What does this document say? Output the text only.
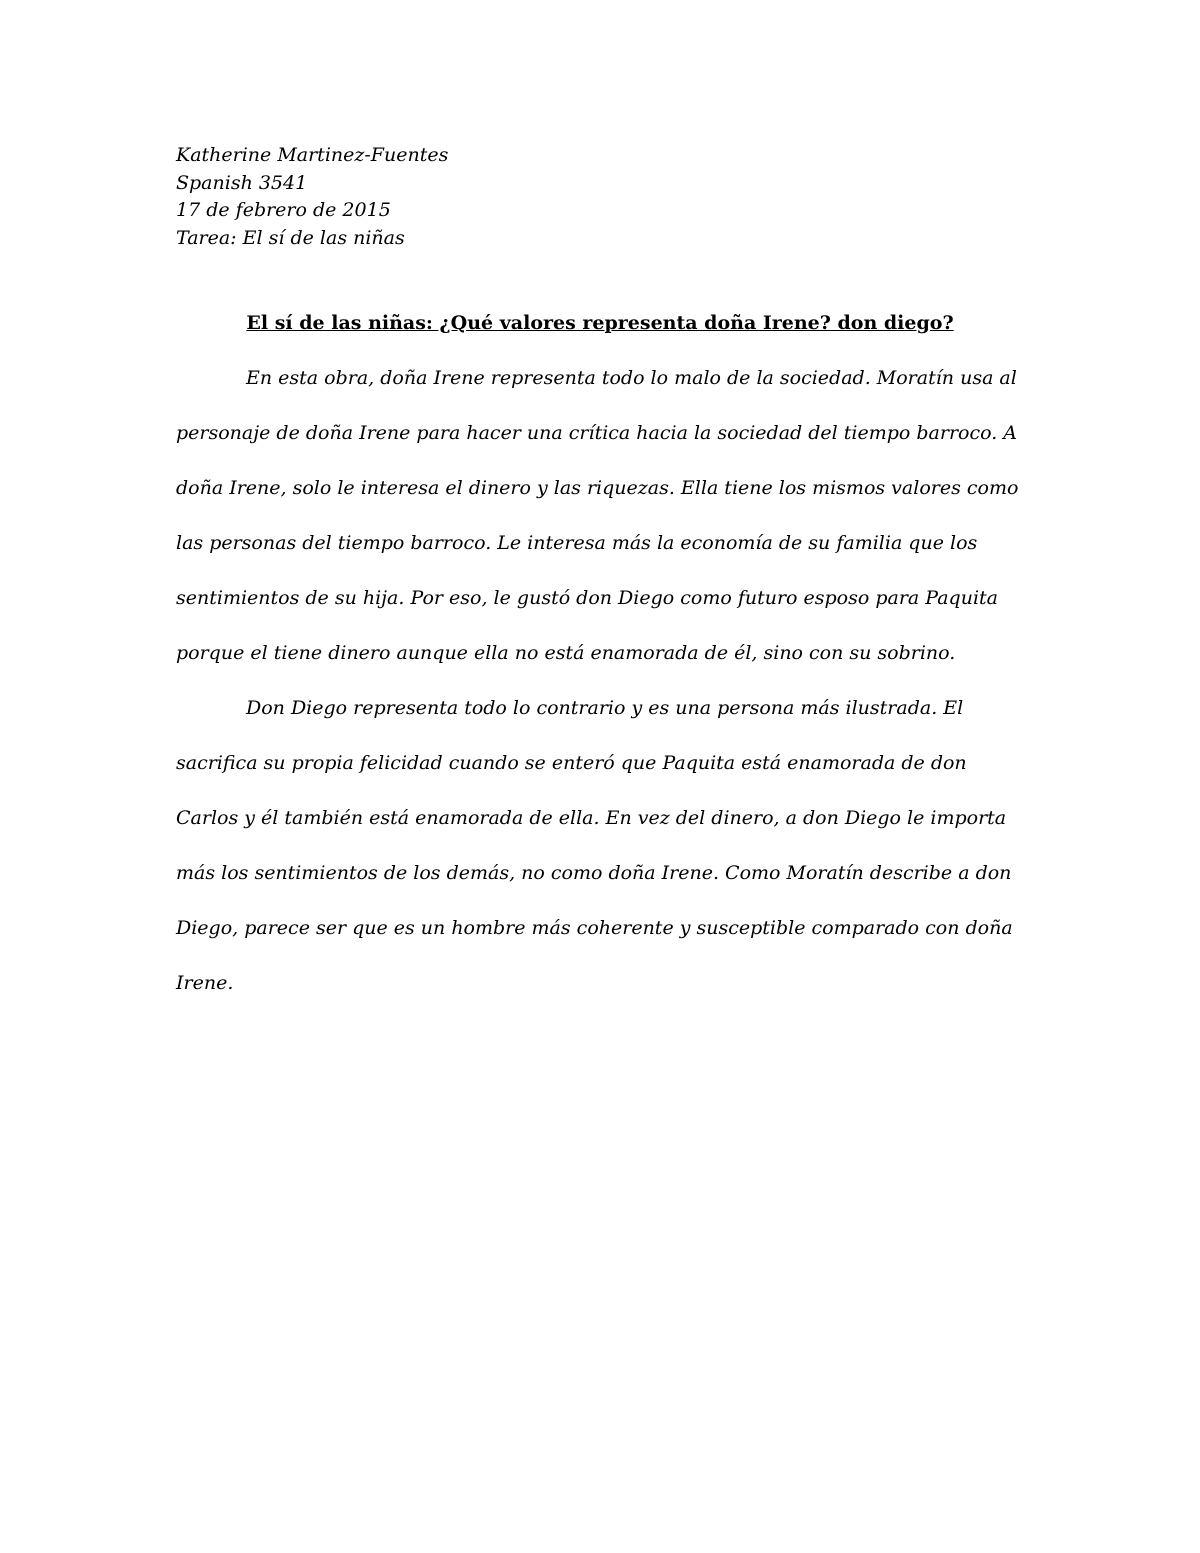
Katherine Martinez-Fuentes
Spanish 3541
17 de febrero de 2015
Tarea: El sí de las niñas
El sí de las niñas: ¿Qué valores representa doña Irene? don diego?
En esta obra, doña Irene representa todo lo malo de la sociedad. Moratín usa al
personaje de doña Irene para hacer una crítica hacia la sociedad del tiempo barroco. A
doña Irene, solo le interesa el dinero y las riquezas. Ella tiene los mismos valores como
las personas del tiempo barroco. Le interesa más la economía de su familia que los
sentimientos de su hija. Por eso, le gustó don Diego como futuro esposo para Paquita
porque el tiene dinero aunque ella no está enamorada de él, sino con su sobrino.
Don Diego representa todo lo contrario y es una persona más ilustrada. El
sacrifica su propia felicidad cuando se enteró que Paquita está enamorada de don
Carlos y él también está enamorada de ella. En vez del dinero, a don Diego le importa
más los sentimientos de los demás, no como doña Irene. Como Moratín describe a don
Diego, parece ser que es un hombre más coherente y susceptible comparado con doña
Irene.
